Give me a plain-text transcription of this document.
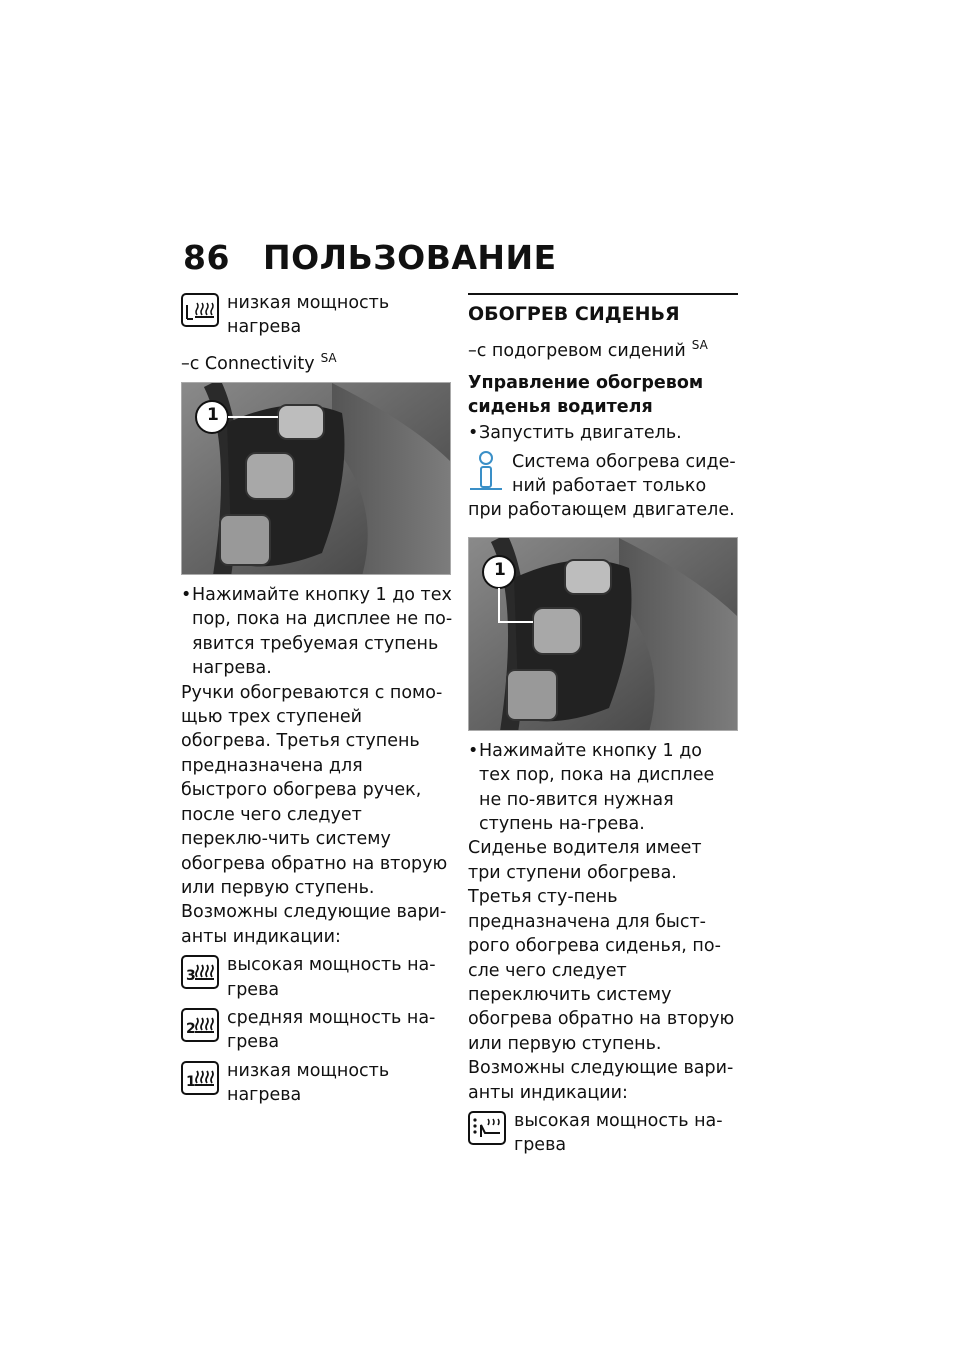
86 ПОЛЬЗОВАНИЕ
низкая мощность нагрева
–с Connectivity $^{SA}$
1
• Нажимайте кнопку 1 до тех пор, пока на дисплее не по-явится требуемая ступень нагрева.

Ручки обогреваются с помо-щью трех ступеней обогрева. Третья ступень предназначена для быстрого обогрева ручек, после чего следует переклю-чить систему обогрева обратно на вторую или первую ступень.

Возможны следующие вари-анты индикации:

3
высокая мощность на-грева
2
средняя мощность на-грева
1
низкая мощность нагрева
ОБОГРЕВ СИДЕНЬЯ
–с подогревом сидений $^{SA}$
Управление обогревом сиденья водителя
• Запустить двигатель.
Система обогрева сиде-ний работает только при работающем двигателе.
1
• Нажимайте кнопку 1 до тех пор, пока на дисплее не по-явится нужная ступень на-грева.

Сиденье водителя имеет три ступени обогрева. Третья сту-пень предназначена для быст-рого обогрева сиденья, по-сле чего следует переключить систему обогрева обратно на вторую или первую ступень.

Возможны следующие вари-анты индикации:

высокая мощность на-грева
